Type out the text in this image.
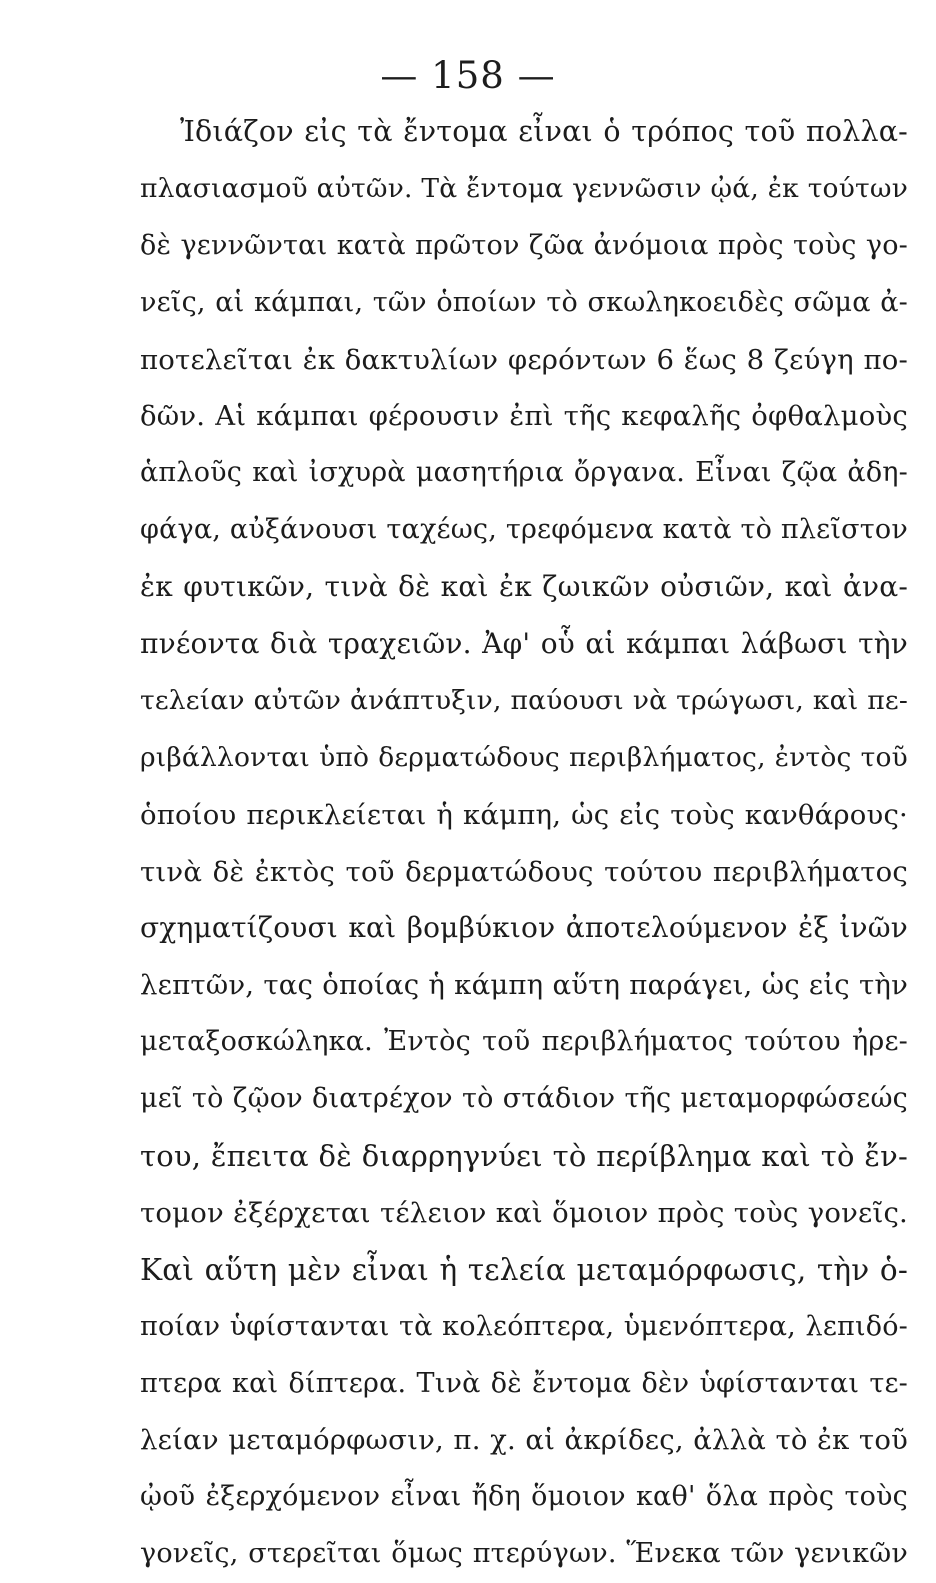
— 158 —
Ἰδιάζον εἰς τὰ ἔντομα εἶναι ὁ τρόπος τοῦ πολλα-
πλασιασμοῦ αὐτῶν. Τὰ ἔντομα γεννῶσιν ᾠά, ἐκ τούτων
δὲ γεννῶνται κατὰ πρῶτον ζῶα ἀνόμοια πρὸς τοὺς γο-
νεῖς, αἱ κάμπαι, τῶν ὁποίων τὸ σκωληκοειδὲς σῶμα ἀ-
ποτελεῖται ἐκ δακτυλίων φερόντων 6 ἕως 8 ζεύγη πο-
δῶν. Αἱ κάμπαι φέρουσιν ἐπὶ τῆς κεφαλῆς ὀφθαλμοὺς
ἁπλοῦς καὶ ἰσχυρὰ μασητήρια ὄργανα. Εἶναι ζῷα ἀδη-
φάγα, αὐξάνουσι ταχέως, τρεφόμενα κατὰ τὸ πλεῖστον
ἐκ φυτικῶν, τινὰ δὲ καὶ ἐκ ζωικῶν οὐσιῶν, καὶ ἀνα-
πνέοντα διὰ τραχειῶν. Ἀφ' οὗ αἱ κάμπαι λάβωσι τὴν
τελείαν αὐτῶν ἀνάπτυξιν, παύουσι νὰ τρώγωσι, καὶ πε-
ριβάλλονται ὑπὸ δερματώδους περιβλήματος, ἐντὸς τοῦ
ὁποίου περικλείεται ἡ κάμπη, ὡς εἰς τοὺς κανθάρους·
τινὰ δὲ ἐκτὸς τοῦ δερματώδους τούτου περιβλήματος
σχηματίζουσι καὶ βομβύκιον ἀποτελούμενον ἐξ ἰνῶν
λεπτῶν, τας ὁποίας ἡ κάμπη αὕτη παράγει, ὡς εἰς τὴν
μεταξοσκώληκα. Ἐντὸς τοῦ περιβλήματος τούτου ἠρε-
μεῖ τὸ ζῷον διατρέχον τὸ στάδιον τῆς μεταμορφώσεώς
του, ἔπειτα δὲ διαρρηγνύει τὸ περίβλημα καὶ τὸ ἔν-
τομον ἐξέρχεται τέλειον καὶ ὅμοιον πρὸς τοὺς γονεῖς.
Καὶ αὕτη μὲν εἶναι ἡ τελεία μεταμόρφωσις, τὴν ὁ-
ποίαν ὑφίστανται τὰ κολεόπτερα, ὑμενόπτερα, λεπιδό-
πτερα καὶ δίπτερα. Τινὰ δὲ ἔντομα δὲν ὑφίστανται τε-
λείαν μεταμόρφωσιν, π. χ. αἱ ἀκρίδες, ἀλλὰ τὸ ἐκ τοῦ
ᾠοῦ ἐξερχόμενον εἶναι ἤδη ὅμοιον καθ' ὅλα πρὸς τοὺς
γονεῖς, στερεῖται ὅμως πτερύγων. Ἕνεκα τῶν γενικῶν
